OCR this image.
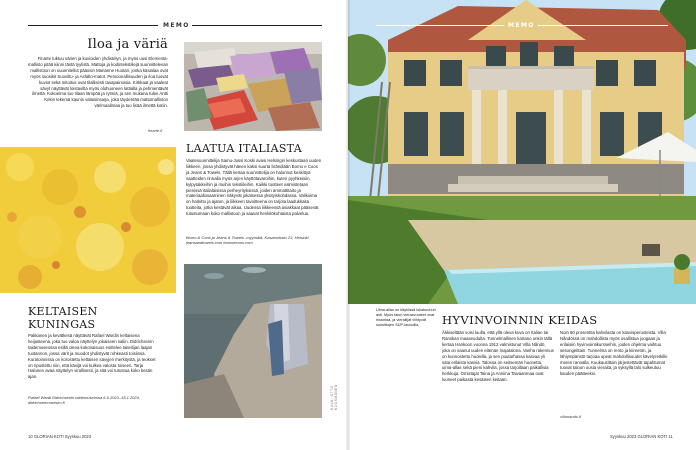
MEMO
Iloa ja väriä

Finarte tuktuu värien ja kuvioiden yhdistelyn, ja myös uusi Elementa-mallisto pitää kiinni tästä tyylistä. Mattoja ja kodintekstiilejä suunnittelevan mallistoon on suunnitellut pääosin Marianne Huotari, jonka käsialaa ovat myös suosikit Suoviltu- ja Asfalto-matot. Persoonallisuuden ja iloa tuovat kuviot sekä mitoitus ovat tilallisesti tasapainoisia. Kirkkaat ja vaaleat sävyt näyttävät loistavilta myös olohuoneen lattialla ja pehmentävät ilmettä. Kokoelma tuo tilaan lämpöä ja rytmiä, ja sen mukana tulee Antti Kekin tekemä kaunis valaisinsarja, joka täydentää mattomalliston värimaailmaa ja tuo lisää ilmettä kotiin.

finarte.fi
LAATUA ITALIASTA

Vaatesuunnittelija Samu-Jussi Koski avasi Helsingin keskustaan uuden liikkeen, jossa yhdistyvät hänen kaksi suurta brändiään Bomo e Coos ja Jeans & Towels. Tällä kertaa suunnittelija on halunnut keskittyä vaatteiden rinnalla myös arjen käyttötavaroihin, kuten pyyhkeisiin, kylpytakkeihin ja muihin tekstiileihin. Kaikki tuotteet valmistetaan pienissä italialaisissa perheyrityksissä, joiden ammattitaito ja materiaaliosaaminen näkyvät jokaisessa yksityiskohdassa. Valikoima on harkittu ja ajaton, ja liikkeen tavoitteena on tarjota laadukkaita tuotteita, jotka kestävät aikaa. Uudessa liikkeessä asiakkaat pääsevät tutustumaan koko mallistoon ja saavat henkilökohtaista palvelua.

Bomo & Coos ja Jeans & Towels -myymälä, Kasarmikatu 23, Helsinki. jeansandtowels.com bomoecoos.com

KELTAISEN KUNINGAS

Pakkanen ja kevätkesä näyttävät Rafael Wardin keltaisena heijasteena, joka tuo valoa näyttelyn jokaiseen saliin. Didrichsenin taidemuseossa esillä oleva kokonaisuus esittelee taiteilijan laajan tuotannon, jossa värit ja muodot yhdistyvät rohkeasti toisiinsa. Kuratoinnissa on korostettu keltaisen sävyjen merkitystä, ja teokset on ripustettu niin, että kävijä voi kulkea valosta toiseen. Tarja Halonen avaa näyttelyn virallisesti, ja sitä voi tutustua koko kesän ajan.

Rafael Wardi Didrichsenin taidemuseossa 6.6.2023–18.1.2024. didrichsenmuseum.fi	KUVA: OTTO KUOSMANEN
10 GLORIAN KOTI Syyskuu 2023
MEMO

Uima-allas on käytössä lokakuuhun asti. Myös talon vierasvuoteet ovat historiaa, ja vierailijat viihtyvät suosittujen SUP-laudoilla.	HYVINVOINNIN KEIDAS

Äkkiseltään voisi luulla, että yllä oleva kuva on Italian tai Ranskan maaseudulta. Tunnelmallinen kartano onkin tällä kertaa Hankoon vuonna 1912 valmistunut Villa Nåndö, joka on saanut uuden elämän majatalona. Vanha rakennus on kunnostettu huolella, ja sen puutarhassa kasvaa yli sata erilaista kasvia. Talossa on seitsemän huonetta, uima-allas sekä pieni kahvila, jossa tarjoillaan paikallisia herkkuja. Omistajat Taina ja Anniina Taivaanmaa ovat luoneet paikasta kesäisen keitaan.

Noin 80 prosenttia kahvilasta on kasvisperusteista. Villa Nåndössä on mahdollista myös osallistua joogaan ja erilaisiin hyvinvointikursseihin, joiden ohjelma vaihtuu sesongeittain. Tunnelma on rento ja kiireetön, ja lähiympäristö tarjoaa upeat mahdollisuudet kävelyretkille meren rannalla. Kuukausittain järjestettävät tapahtumat tuovat taloon uusia vieraita, ja syksyllä talo sulkeutuu kauden päätteeksi.

villanando.fi
Syyskuu 2023 GLORIAN KOTI 11
